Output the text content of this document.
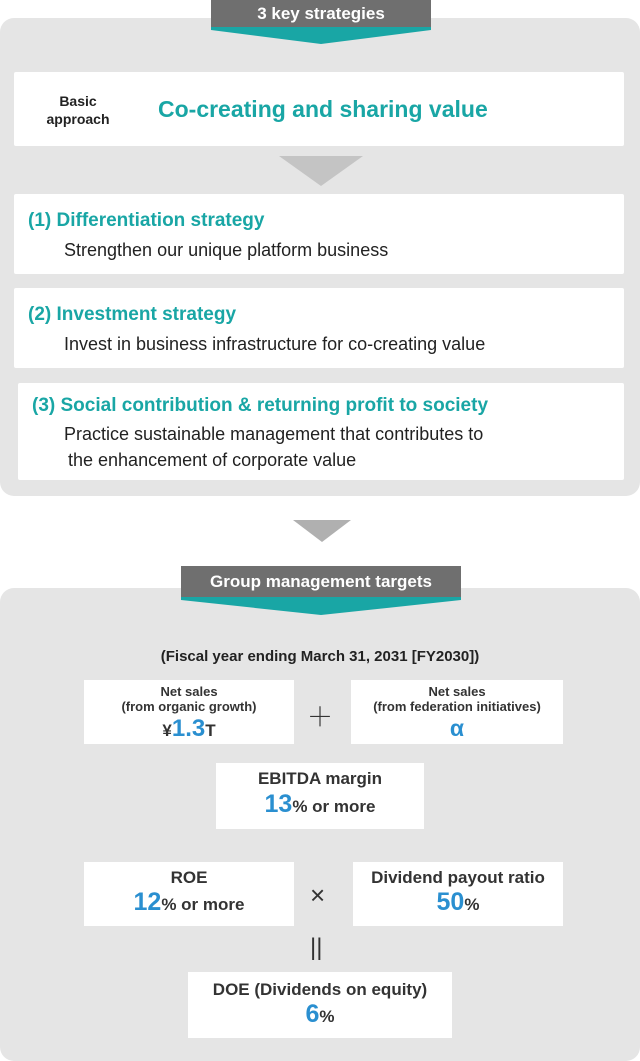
3 key strategies
Basic
approach	Co-creating and sharing value
(1) Differentiation strategy
Strengthen our unique platform business
(2) Investment strategy
Invest in business infrastructure for co-creating value
(3) Social contribution & returning profit to society
Practice sustainable management that contributes to
the enhancement of corporate value
Group management targets
(Fiscal year ending March 31, 2031 [FY2030])
Net sales
(from organic growth)
¥1.3T	＋
Net sales
(from federation initiatives)
α
EBITDA margin
13% or more
ROE
12% or more	×
Dividend payout ratio
50%
||
DOE (Dividends on equity)
6%
